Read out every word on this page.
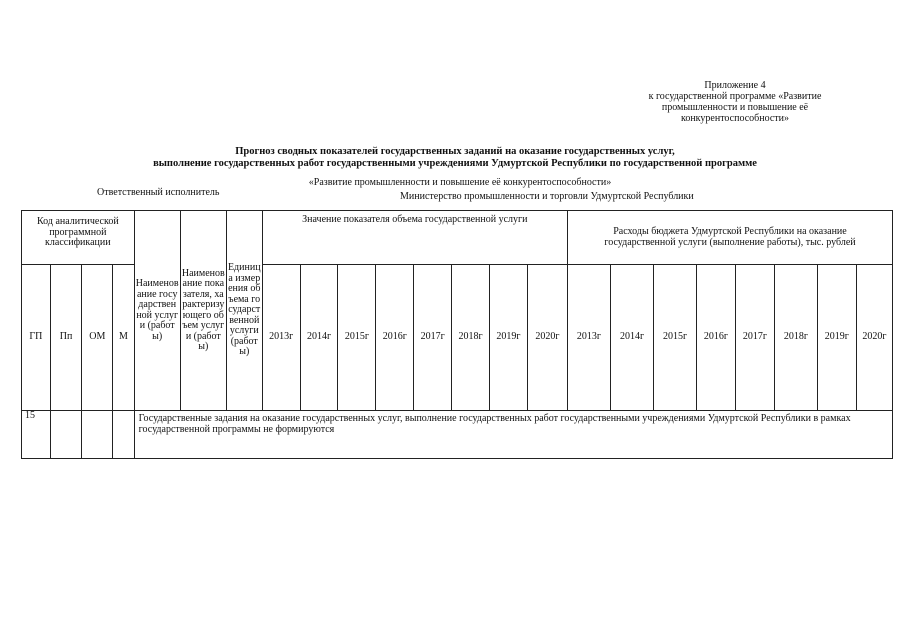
Приложение 4
к государственной программе «Развитие
промышленности и повышение её
конкурентоспособности»
Прогноз сводных показателей государственных заданий на оказание государственных услуг,
выполнение государственных работ государственными учреждениями Удмуртской Республики по государственной программе
«Развитие промышленности и повышение её конкурентоспособности»
Ответственный исполнитель	Министерство промышленности и торговли Удмуртской Республики
Код аналитической программной классификации				Наименование государственной услуги (работы)	Наименование показателя, характеризующего объем услуги (работы)	Единица измерения объема государственной услуги (работы)	Значение показателя объема государственной услуги								Расходы бюджета Удмуртской Республики на оказание государственной услуги (выполнение работы), тыс. рублей							

ГП	Пп	ОМ	М				2013г	2014г	2015г	2016г	2017г	2018г	2019г	2020г	2013г	2014г	2015г	2016г	2017г	2018г	2019г	2020г
15				Государственные задания на оказание государственных услуг, выполнение государственных работ государственными учреждениями Удмуртской Республики в рамках государственной программы не формируются																		
